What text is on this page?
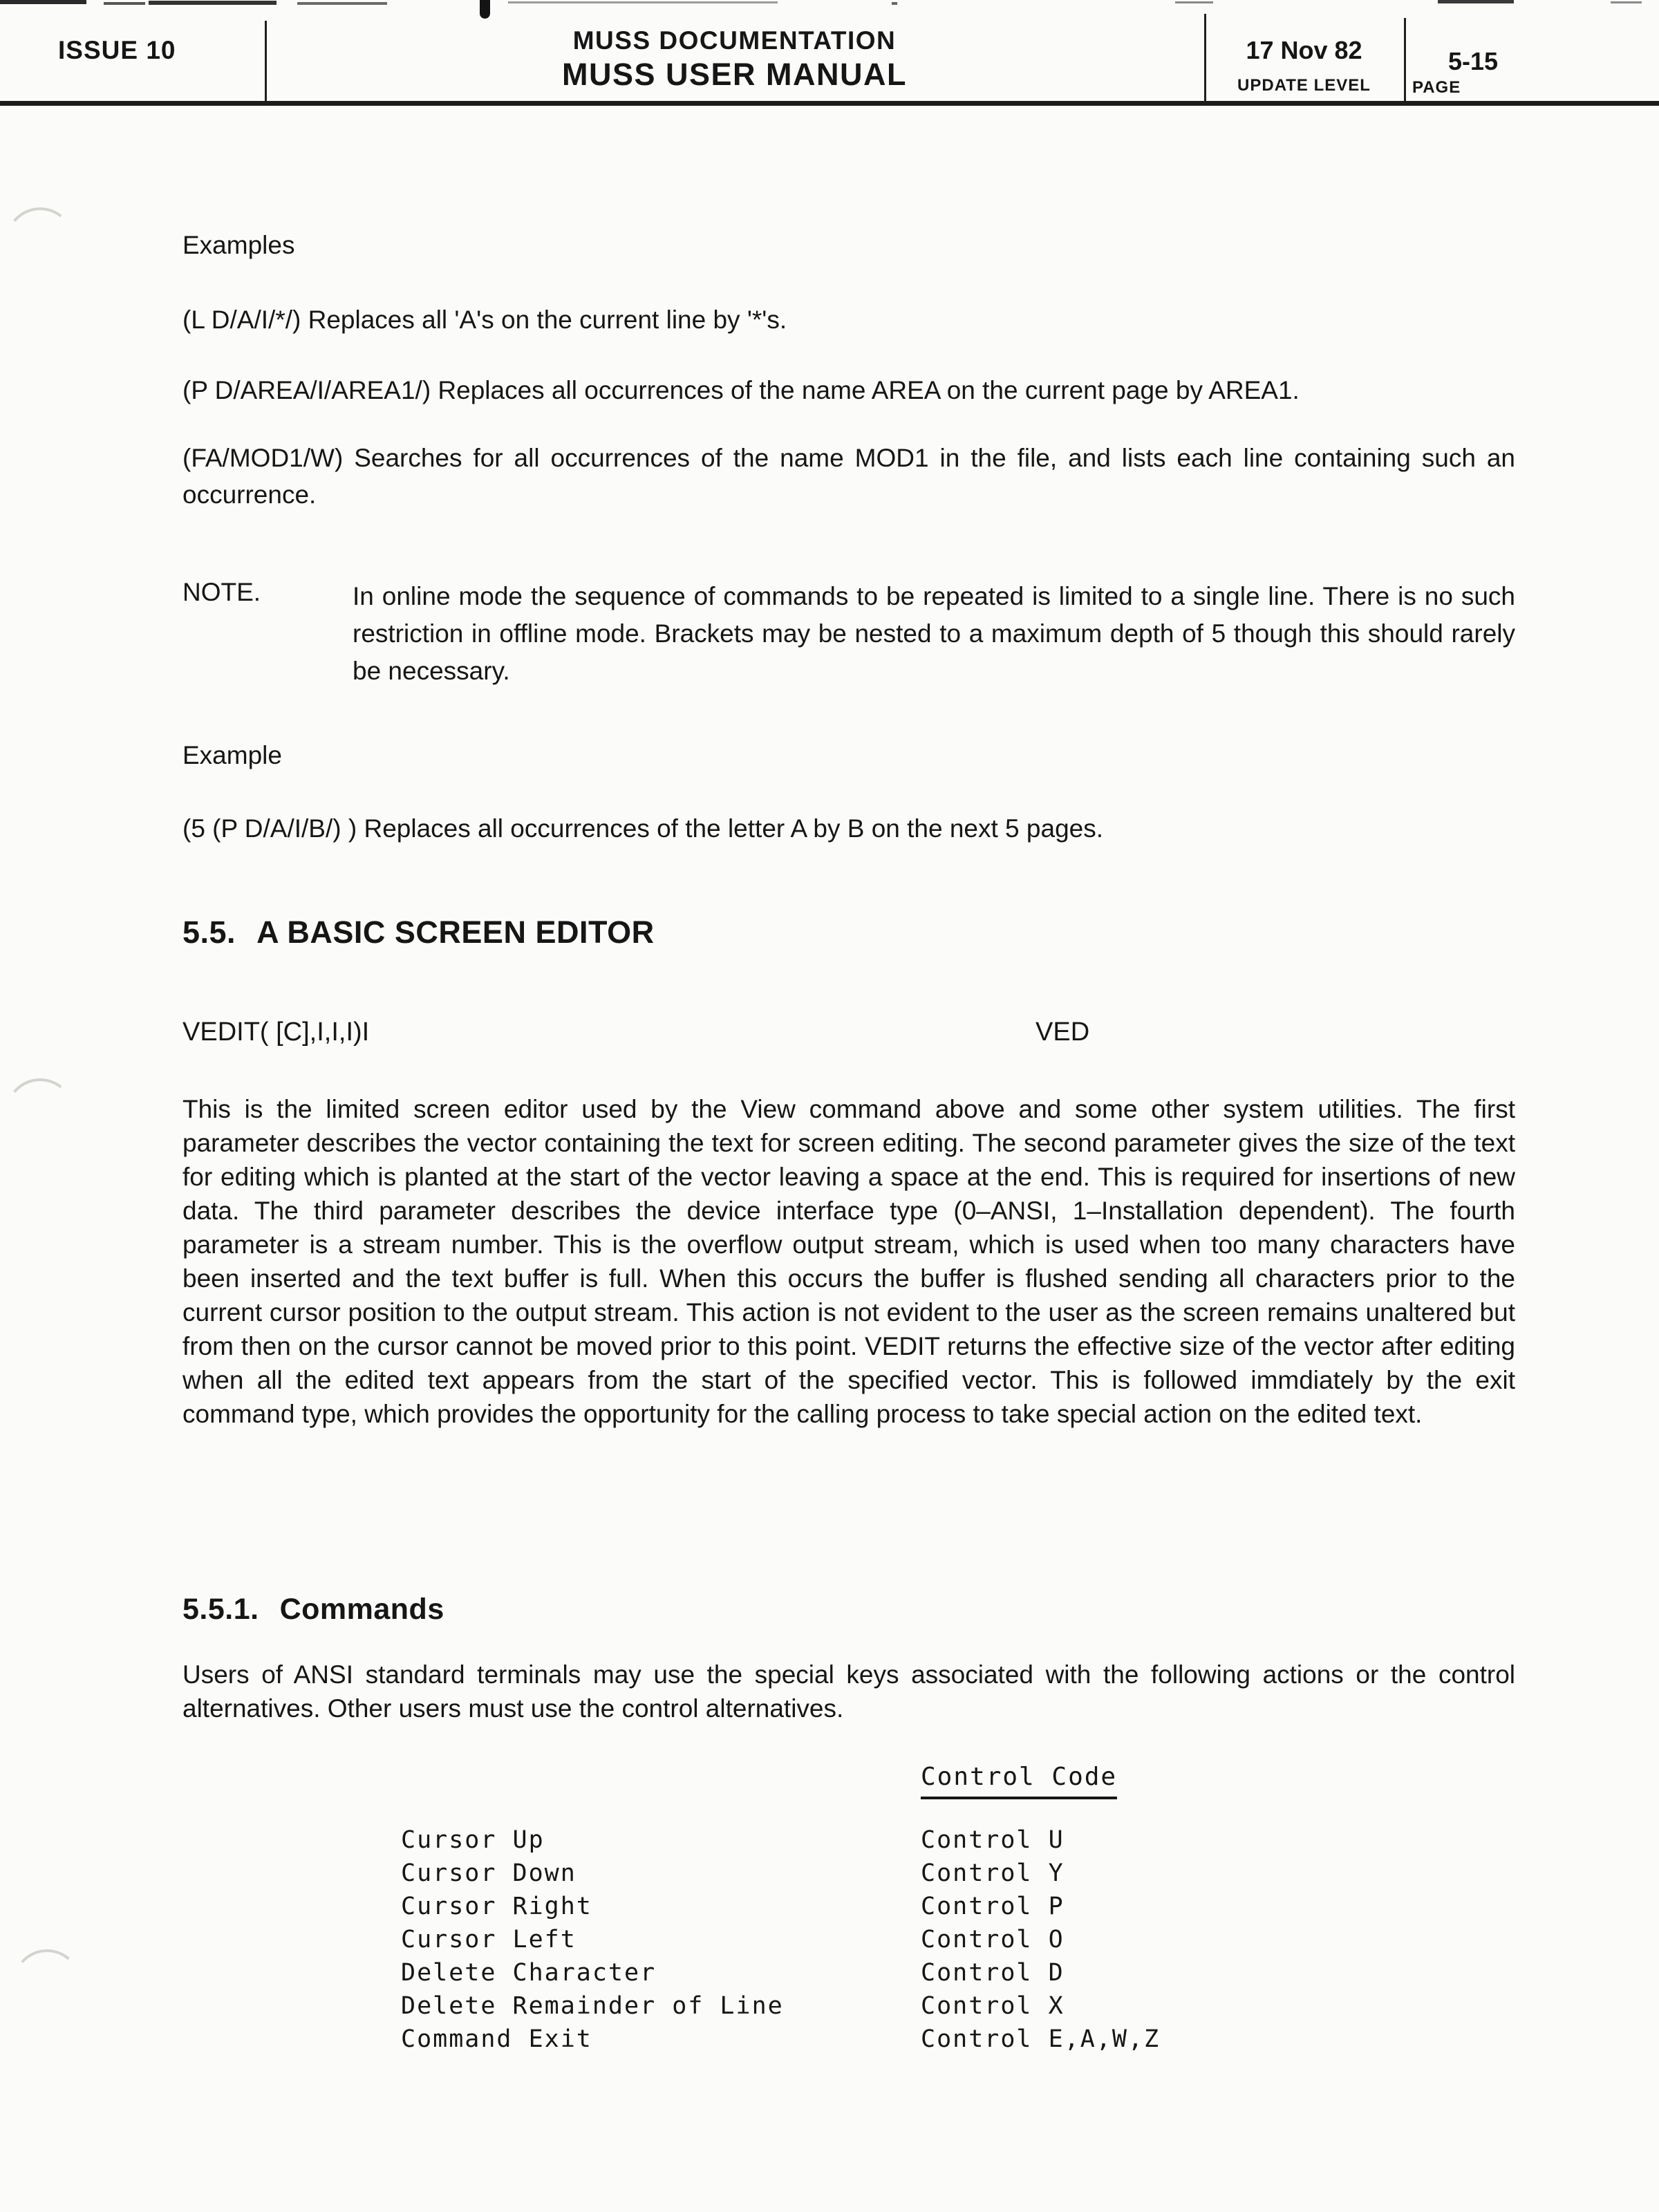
ISSUE 10	MUSS DOCUMENTATION
MUSS USER MANUAL
17 Nov 82
UPDATE LEVEL
5-15
PAGE
Examples
(L D/A/I/*/) Replaces all 'A's on the current line by '*'s.
(P D/AREA/I/AREA1/) Replaces all occurrences of the name AREA on the current page by AREA1.
(FA/MOD1/W) Searches for all occurrences of the name MOD1 in the file, and lists each line containing such an occurrence.
NOTE.	In online mode the sequence of commands to be repeated is limited to a single line. There is no such restriction in offline mode. Brackets may be nested to a maximum depth of 5 though this should rarely be necessary.
Example
(5 (P D/A/I/B/) ) Replaces all occurrences of the letter A by B on the next 5 pages.
5.5. A BASIC SCREEN EDITOR
VEDIT( [C],I,I,I)I	VED
This is the limited screen editor used by the View command above and some other system utilities. The first parameter describes the vector containing the text for screen editing. The second parameter gives the size of the text for editing which is planted at the start of the vector leaving a space at the end. This is required for insertions of new data. The third parameter describes the device interface type (0–ANSI, 1–Installation dependent). The fourth parameter is a stream number. This is the overflow output stream, which is used when too many characters have been inserted and the text buffer is full. When this occurs the buffer is flushed sending all characters prior to the current cursor position to the output stream. This action is not evident to the user as the screen remains unaltered but from then on the cursor cannot be moved prior to this point. VEDIT returns the effective size of the vector after editing when all the edited text appears from the start of the specified vector. This is followed immdiately by the exit command type, which provides the opportunity for the calling process to take special action on the edited text.
5.5.1. Commands
Users of ANSI standard terminals may use the special keys associated with the following actions or the control alternatives. Other users must use the control alternatives.
Control Code
Cursor Up	Control U
Cursor Down	Control Y
Cursor Right	Control P
Cursor Left	Control O
Delete Character	Control D
Delete Remainder of Line	Control X
Command Exit	Control E,A,W,Z
